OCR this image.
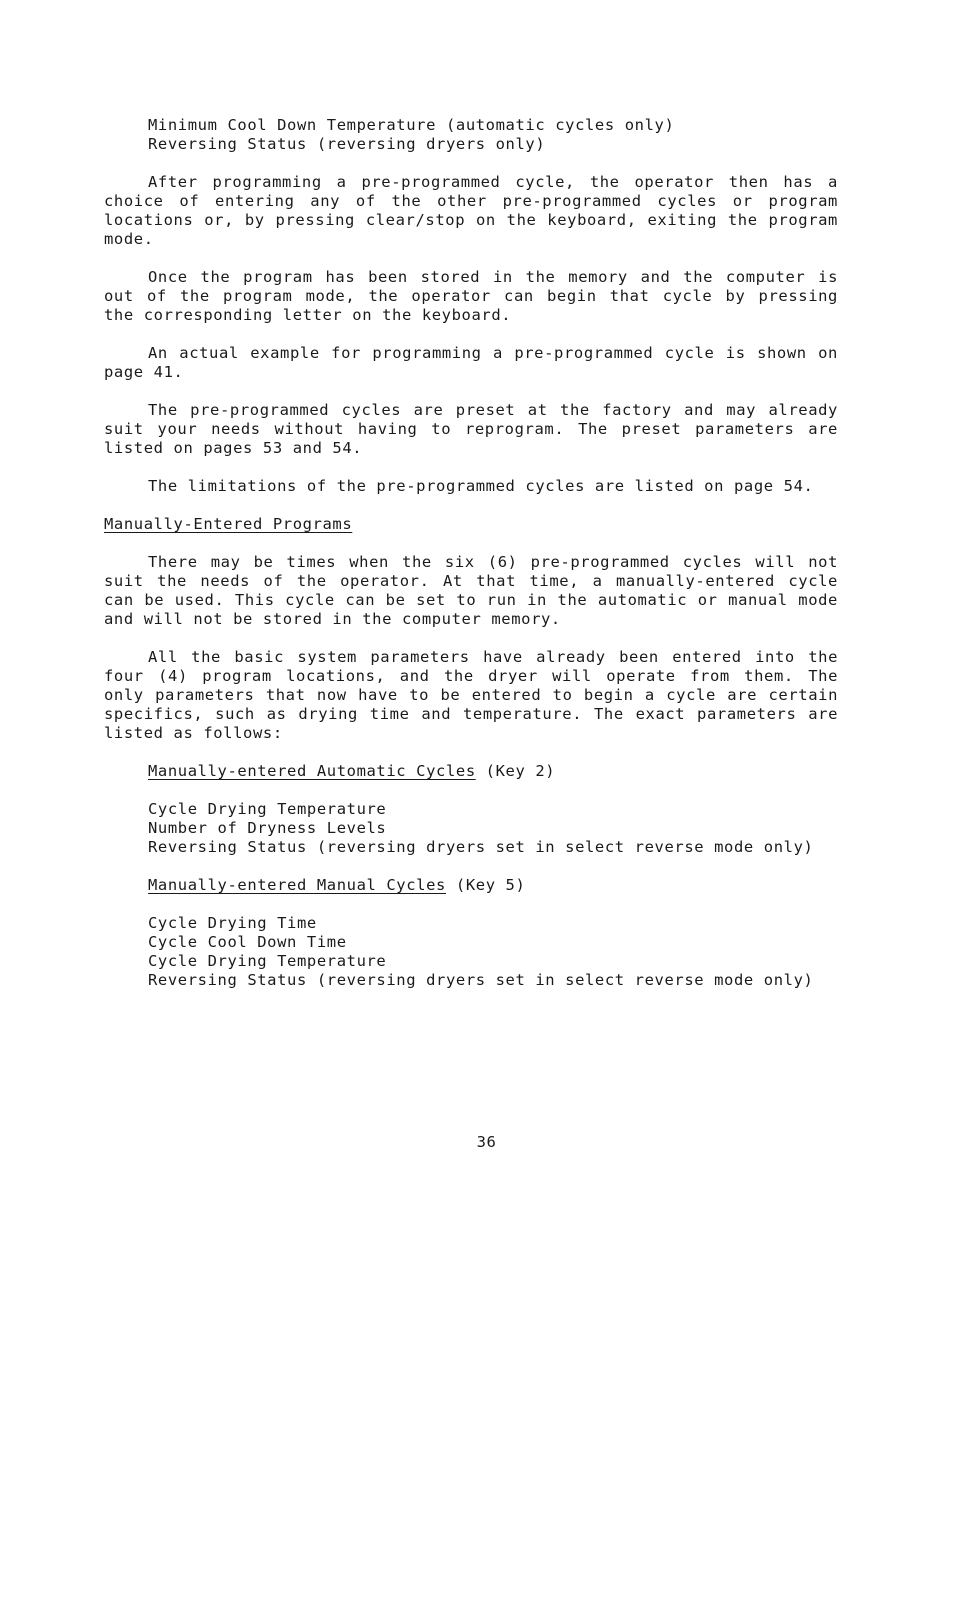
Minimum Cool Down Temperature (automatic cycles only)
Reversing Status (reversing dryers only)

After programming a pre-programmed cycle, the operator then has a choice of entering any of the other pre-programmed cycles or program locations or, by pressing clear/stop on the keyboard, exiting the program mode.

Once the program has been stored in the memory and the computer is out of the program mode, the operator can begin that cycle by pressing the corresponding letter on the keyboard.

An actual example for programming a pre-programmed cycle is shown on page 41.

The pre-programmed cycles are preset at the factory and may already suit your needs without having to reprogram. The preset parameters are listed on pages 53 and 54.

The limitations of the pre-programmed cycles are listed on page 54.

Manually-Entered Programs

There may be times when the six (6) pre-programmed cycles will not suit the needs of the operator. At that time, a manually-entered cycle can be used. This cycle can be set to run in the automatic or manual mode and will not be stored in the computer memory.

All the basic system parameters have already been entered into the four (4) program locations, and the dryer will operate from them. The only parameters that now have to be entered to begin a cycle are certain specifics, such as drying time and temperature. The exact parameters are listed as follows:

Manually-entered Automatic Cycles (Key 2)
Cycle Drying Temperature
Number of Dryness Levels
Reversing Status (reversing dryers set in select reverse mode only)
Manually-entered Manual Cycles (Key 5)
Cycle Drying Time
Cycle Cool Down Time
Cycle Drying Temperature
Reversing Status (reversing dryers set in select reverse mode only)
36
